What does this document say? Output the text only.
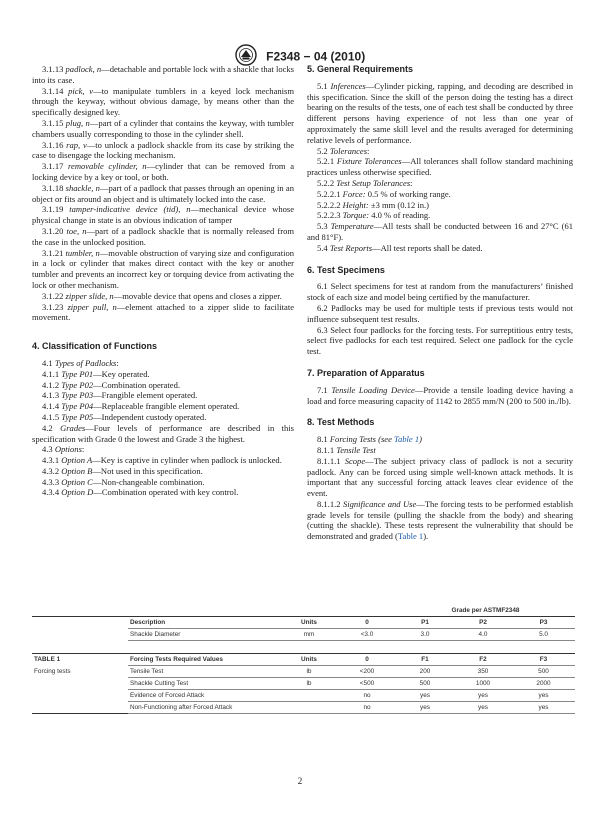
F2348 − 04 (2010)

3.1.13 padlock, n—detachable and portable lock with a shackle that locks into its case.

3.1.14 pick, v—to manipulate tumblers in a keyed lock mechanism through the keyway, without obvious damage, by means other than the specifically designed key.

3.1.15 plug, n—part of a cylinder that contains the keyway, with tumbler chambers usually corresponding to those in the cylinder shell.

3.1.16 rap, v—to unlock a padlock shackle from its case by striking the case to disengage the locking mechanism.

3.1.17 removable cylinder, n—cylinder that can be removed from a locking device by a key or tool, or both.

3.1.18 shackle, n—part of a padlock that passes through an opening in an object or fits around an object and is ultimately locked into the case.

3.1.19 tamper-indicative device (tid), n—mechanical device whose physical change in state is an obvious indication of tamper

3.1.20 toe, n—part of a padlock shackle that is normally released from the case in the unlocked position.

3.1.21 tumbler, n—movable obstruction of varying size and configuration in a lock or cylinder that makes direct contact with the key or another tumbler and prevents an incorrect key or torquing device from activating the lock or other mechanism.

3.1.22 zipper slide, n—movable device that opens and closes a zipper.

3.1.23 zipper pull, n—element attached to a zipper slide to facilitate movement.

4. Classification of Functions

4.1 Types of Padlocks:

4.1.1 Type P01—Key operated.

4.1.2 Type P02—Combination operated.

4.1.3 Type P03—Frangible element operated.

4.1.4 Type P04—Replaceable frangible element operated.

4.1.5 Type P05—Independent custody operated.

4.2 Grades—Four levels of performance are described in this specification with Grade 0 the lowest and Grade 3 the highest.

4.3 Options:

4.3.1 Option A—Key is captive in cylinder when padlock is unlocked.

4.3.2 Option B—Not used in this specification.

4.3.3 Option C—Non-changeable combination.

4.3.4 Option D—Combination operated with key control.

5. General Requirements

5.1 Inferences—Cylinder picking, rapping, and decoding are described in this specification. Since the skill of the person doing the testing has a direct bearing on the results of the tests, one of each test shall be conducted by three different persons having experience of not less than one year of approximately the same skill level and the results averaged for determining relative levels of performance.

5.2 Tolerances:

5.2.1 Fixture Tolerances—All tolerances shall follow standard machining practices unless otherwise specified.

5.2.2 Test Setup Tolerances:

5.2.2.1 Force: 0.5 % of working range.

5.2.2.2 Height: ±3 mm (0.12 in.)

5.2.2.3 Torque: 4.0 % of reading.

5.3 Temperature—All tests shall be conducted between 16 and 27°C (61 and 81°F).

5.4 Test Reports—All test reports shall be dated.

6. Test Specimens

6.1 Select specimens for test at random from the manufacturers’ finished stock of each size and model being certified by the manufacturer.

6.2 Padlocks may be used for multiple tests if previous tests would not influence subsequent test results.

6.3 Select four padlocks for the forcing tests. For surreptitious entry tests, select five padlocks for each test required. Select one padlock for the cycle test.

7. Preparation of Apparatus

7.1 Tensile Loading Device—Provide a tensile loading device having a load and force measuring capacity of 1142 to 2855 mm/N (200 to 500 in./lb).

8. Test Methods

8.1 Forcing Tests (see Table 1)

8.1.1 Tensile Test

8.1.1.1 Scope—The subject privacy class of padlock is not a security padlock. Any can be forced using simple well-known attack methods. It is important that any successful forcing attack leaves clear evidence of the event.

8.1.1.2 Significance and Use—The forcing tests to be performed establish grade levels for tensile (pulling the shackle from the body) and shearing (cutting the shackle). These tests represent the vulnerability that should be demonstrated and graded (Table 1).

				Grade per ASTMF2348		
	Description	Units	0	P1	P2	P3
	Shackle Diameter	mm	<3.0	3.0	4.0	5.0

TABLE 1	Forcing Tests Required Values	Units	0	F1	F2	F3
Forcing tests	Tensile Test	lb	<200	200	350	500
	Shackle Cutting Test	lb	<500	500	1000	2000
	Evidence of Forced Attack		no	yes	yes	yes
	Non-Functioning after Forced Attack		no	yes	yes	yes
2
